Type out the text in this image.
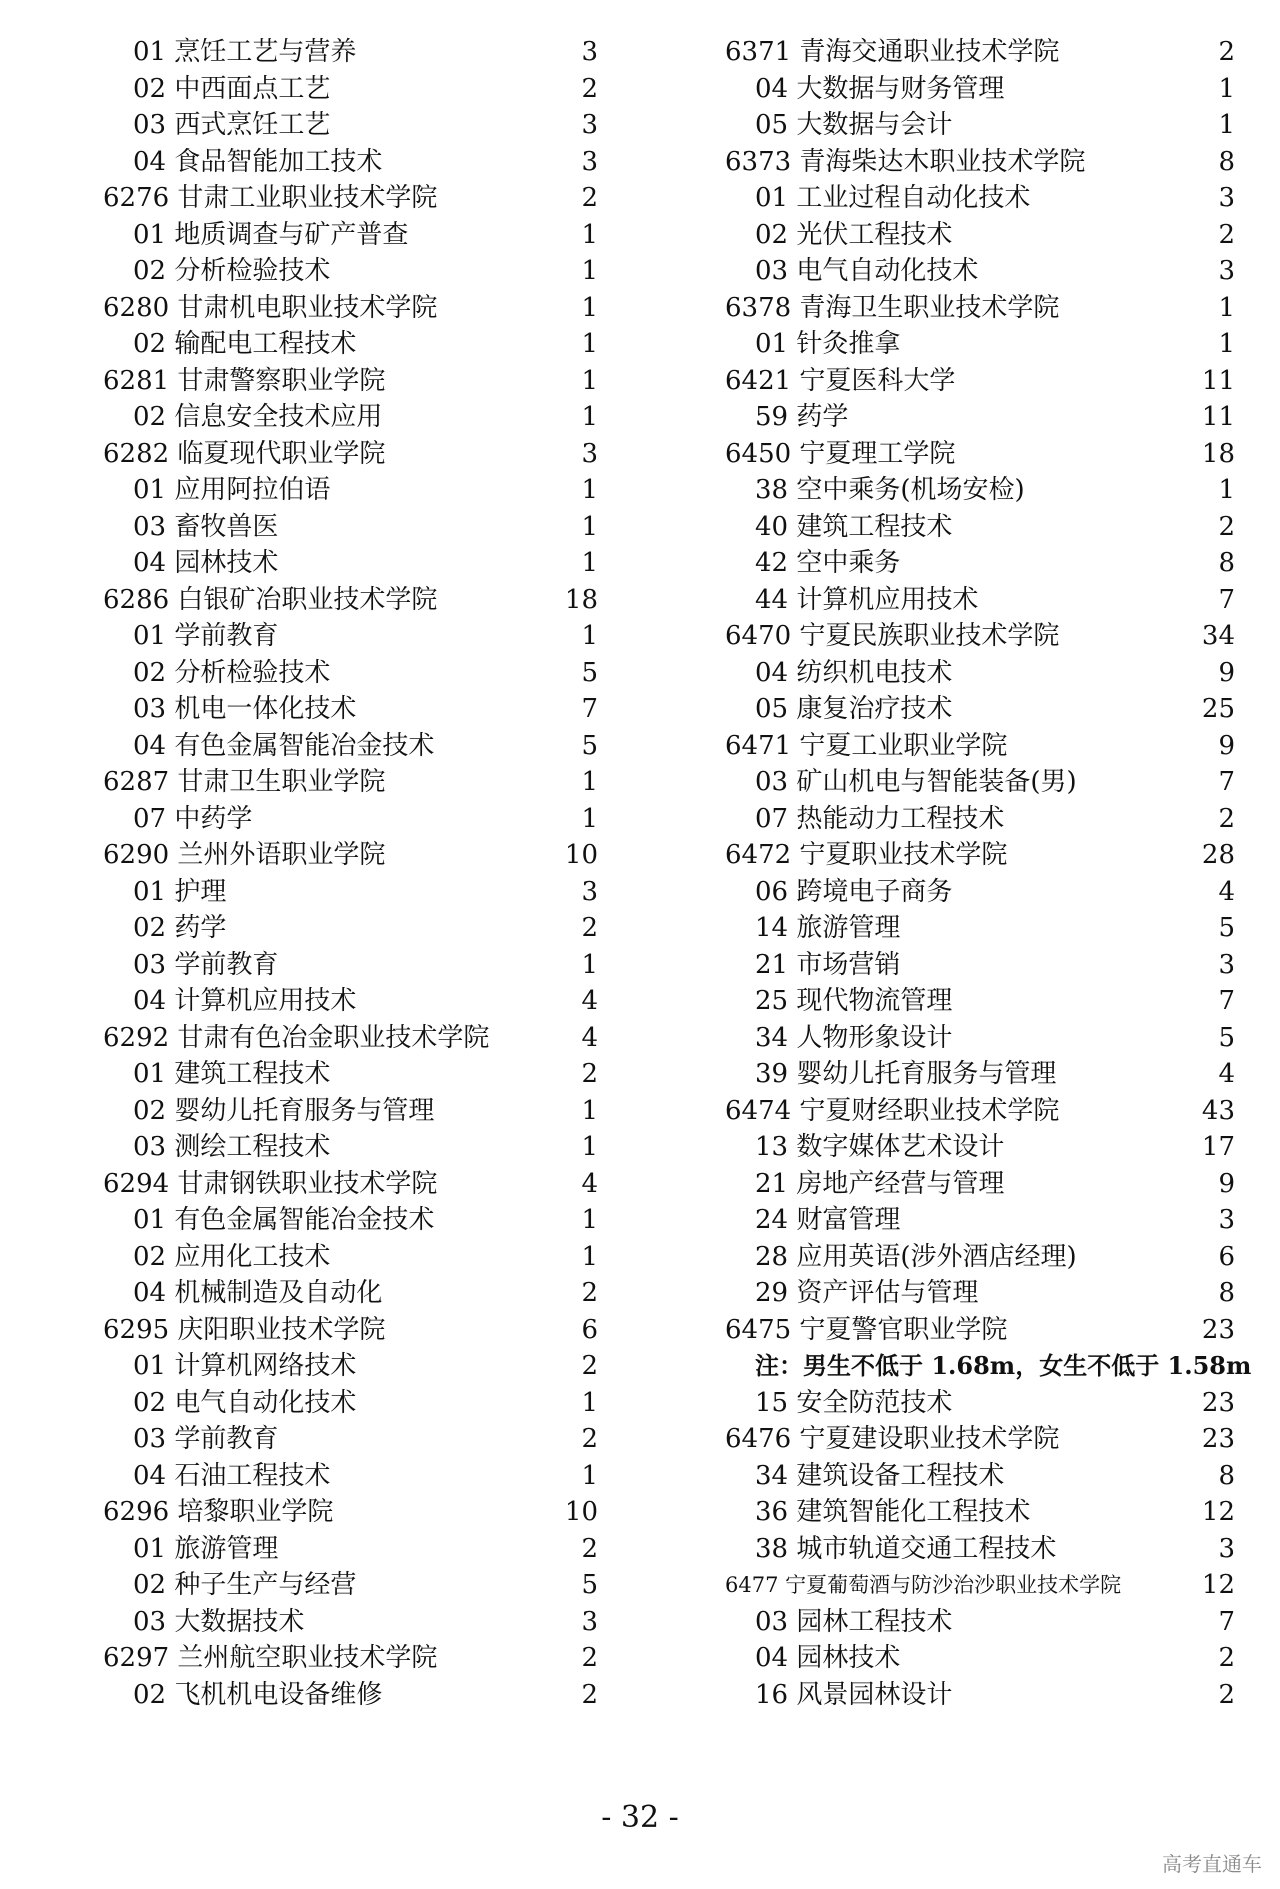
01 烹饪工艺与营养	3
02 中西面点工艺	2
03 西式烹饪工艺	3
04 食品智能加工技术	3
6276 甘肃工业职业技术学院	2
01 地质调查与矿产普查	1
02 分析检验技术	1
6280 甘肃机电职业技术学院	1
02 输配电工程技术	1
6281 甘肃警察职业学院	1
02 信息安全技术应用	1
6282 临夏现代职业学院	3
01 应用阿拉伯语	1
03 畜牧兽医	1
04 园林技术	1
6286 白银矿冶职业技术学院	18
01 学前教育	1
02 分析检验技术	5
03 机电一体化技术	7
04 有色金属智能冶金技术	5
6287 甘肃卫生职业学院	1
07 中药学	1
6290 兰州外语职业学院	10
01 护理	3
02 药学	2
03 学前教育	1
04 计算机应用技术	4
6292 甘肃有色冶金职业技术学院	4
01 建筑工程技术	2
02 婴幼儿托育服务与管理	1
03 测绘工程技术	1
6294 甘肃钢铁职业技术学院	4
01 有色金属智能冶金技术	1
02 应用化工技术	1
04 机械制造及自动化	2
6295 庆阳职业技术学院	6
01 计算机网络技术	2
02 电气自动化技术	1
03 学前教育	2
04 石油工程技术	1
6296 培黎职业学院	10
01 旅游管理	2
02 种子生产与经营	5
03 大数据技术	3
6297 兰州航空职业技术学院	2
02 飞机机电设备维修	2
6371 青海交通职业技术学院	2
04 大数据与财务管理	1
05 大数据与会计	1
6373 青海柴达木职业技术学院	8
01 工业过程自动化技术	3
02 光伏工程技术	2
03 电气自动化技术	3
6378 青海卫生职业技术学院	1
01 针灸推拿	1
6421 宁夏医科大学	11
59 药学	11
6450 宁夏理工学院	18
38 空中乘务(机场安检)	1
40 建筑工程技术	2
42 空中乘务	8
44 计算机应用技术	7
6470 宁夏民族职业技术学院	34
04 纺织机电技术	9
05 康复治疗技术	25
6471 宁夏工业职业学院	9
03 矿山机电与智能装备(男)	7
07 热能动力工程技术	2
6472 宁夏职业技术学院	28
06 跨境电子商务	4
14 旅游管理	5
21 市场营销	3
25 现代物流管理	7
34 人物形象设计	5
39 婴幼儿托育服务与管理	4
6474 宁夏财经职业技术学院	43
13 数字媒体艺术设计	17
21 房地产经营与管理	9
24 财富管理	3
28 应用英语(涉外酒店经理)	6
29 资产评估与管理	8
6475 宁夏警官职业学院	23
注：男生不低于 1.68m，女生不低于 1.58m
15 安全防范技术	23
6476 宁夏建设职业技术学院	23
34 建筑设备工程技术	8
36 建筑智能化工程技术	12
38 城市轨道交通工程技术	3
6477 宁夏葡萄酒与防沙治沙职业技术学院	12
03 园林工程技术	7
04 园林技术	2
16 风景园林设计	2
- 32 -
高考直通车
